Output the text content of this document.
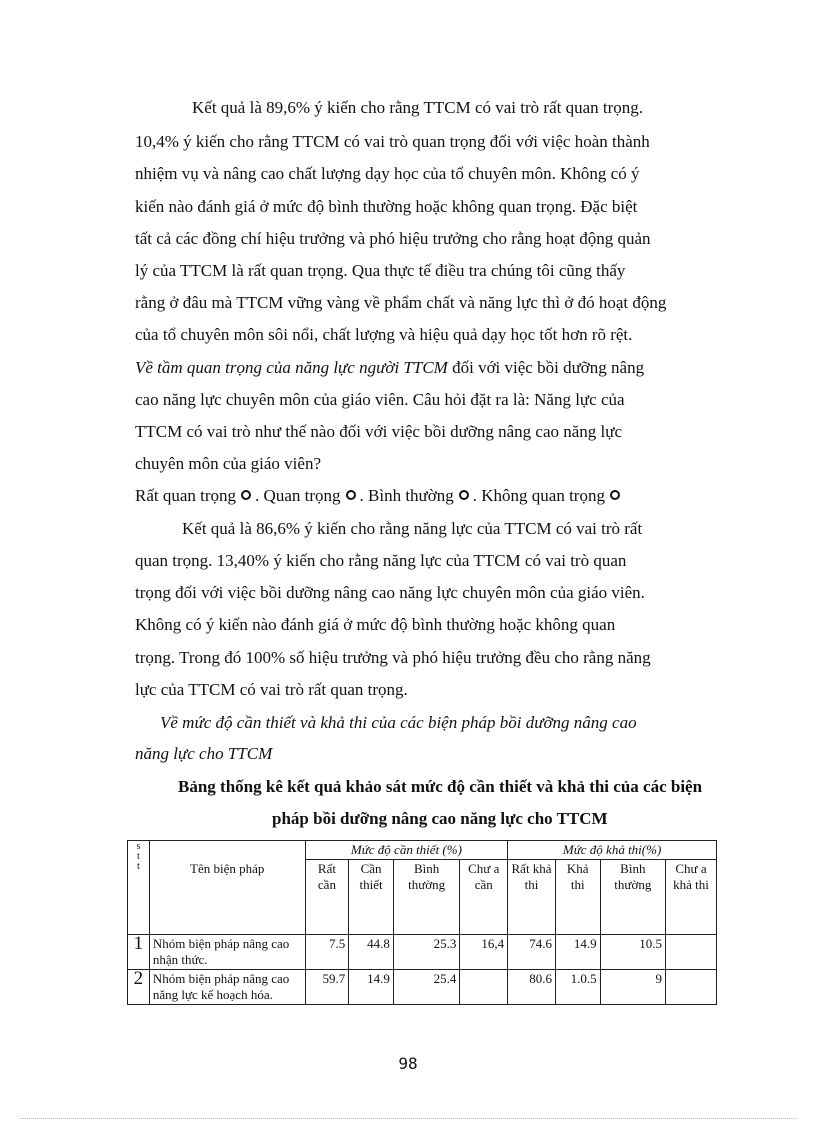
Kết quả là 89,6% ý kiến cho rằng TTCM có vai trò rất quan trọng.
10,4% ý kiến cho rằng TTCM có vai trò quan trọng đối với việc hoàn thành
nhiệm vụ và nâng cao chất lượng dạy học của tổ chuyên môn. Không có ý
kiến nào đánh giá ở mức độ bình thường hoặc không quan trọng. Đặc biệt
tất cả các đồng chí hiệu trưởng và phó hiệu trưởng cho rằng hoạt động quản
lý của TTCM là rất quan trọng. Qua thực tế điều tra chúng tôi cũng thấy
rằng ở đâu mà TTCM vững vàng về phẩm chất và năng lực thì ở đó hoạt động
của tổ chuyên môn sôi nổi, chất lượng và hiệu quả dạy học tốt hơn rõ rệt.
Về tầm quan trọng của năng lực người TTCM đối với việc bồi dưỡng nâng
cao năng lực chuyên môn của giáo viên. Câu hỏi đặt ra là: Năng lực của
TTCM có vai trò như thế nào đối với việc bồi dưỡng nâng cao năng lực
chuyên môn của giáo viên?
Rất quan trọng . Quan trọng . Bình thường . Không quan trọng
Kết quả là 86,6% ý kiến cho rằng năng lực của TTCM có vai trò rất
quan trọng. 13,40% ý kiến cho rằng năng lực của TTCM có vai trò quan
trọng đối với việc bồi dưỡng nâng cao năng lực chuyên môn của giáo viên.
Không có ý kiến nào đánh giá ở mức độ bình thường hoặc không quan
trọng. Trong đó 100% số hiệu trưởng và phó hiệu trưởng đều cho rằng năng
lực của TTCM có vai trò rất quan trọng.
Về mức độ cần thiết và khả thi của các biện pháp bồi dưỡng nâng cao
năng lực cho TTCM
Bảng thống kê kết quả khảo sát mức độ cần thiết và khả thi của các biện
pháp bồi dưỡng nâng cao năng lực cho TTCM
s
t
t	Tên biện pháp	Mức độ cần thiết (%)				Mức độ khả thi(%)			
		Rất cần	Cần thiết	Bình thường	Chư a cần	Rất khả thi	Khả thi	Bình thường	Chư a khả thi
1	Nhóm biện pháp nâng cao nhận thức.	7.5	44.8	25.3	16,4	74.6	14.9	10.5	
2	Nhóm biện pháp nâng cao năng lực kế hoạch hóa.	59.7	14.9	25.4		80.6	1.0.5	9	
98
